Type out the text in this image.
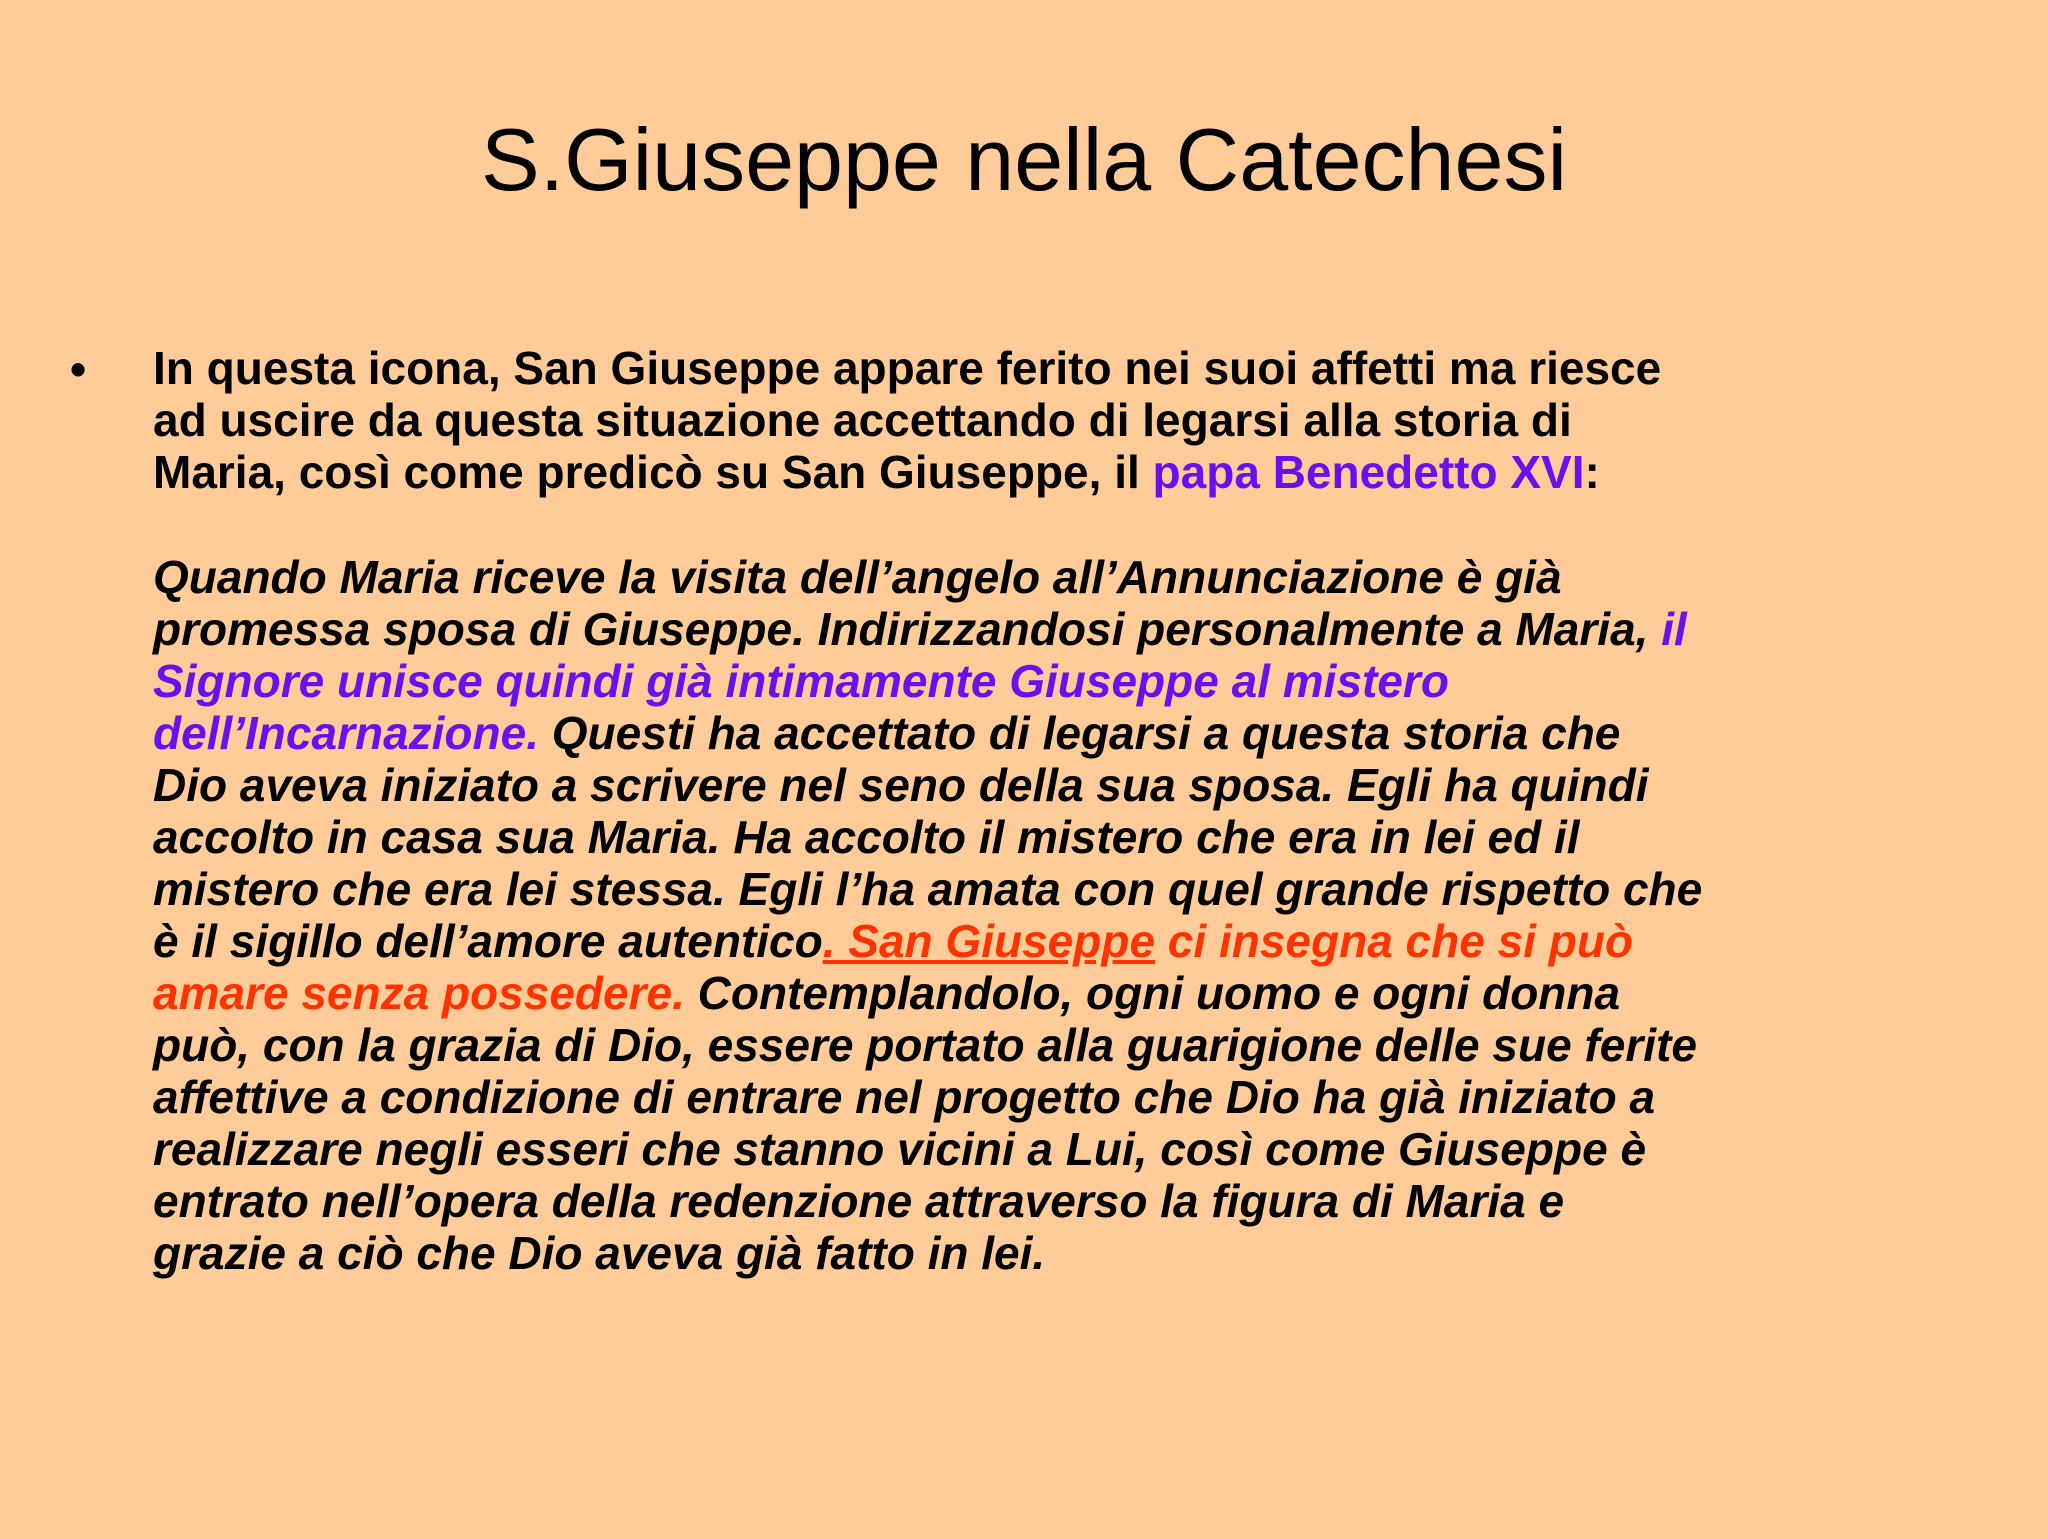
S.Giuseppe nella Catechesi
• In questa icona, San Giuseppe appare ferito nei suoi affetti ma riesce
ad uscire da questa situazione accettando di legarsi alla storia di
Maria, così come predicò su San Giuseppe, il papa Benedetto XVI:
Quando Maria riceve la visita dell’angelo all’Annunciazione è già
promessa sposa di Giuseppe. Indirizzandosi personalmente a Maria, il
Signore unisce quindi già intimamente Giuseppe al mistero
dell’Incarnazione. Questi ha accettato di legarsi a questa storia che
Dio aveva iniziato a scrivere nel seno della sua sposa. Egli ha quindi
accolto in casa sua Maria. Ha accolto il mistero che era in lei ed il
mistero che era lei stessa. Egli l’ha amata con quel grande rispetto che
è il sigillo dell’amore autentico. San Giuseppe ci insegna che si può
amare senza possedere. Contemplandolo, ogni uomo e ogni donna
può, con la grazia di Dio, essere portato alla guarigione delle sue ferite
affettive a condizione di entrare nel progetto che Dio ha già iniziato a
realizzare negli esseri che stanno vicini a Lui, così come Giuseppe è
entrato nell’opera della redenzione attraverso la figura di Maria e
grazie a ciò che Dio aveva già fatto in lei.
